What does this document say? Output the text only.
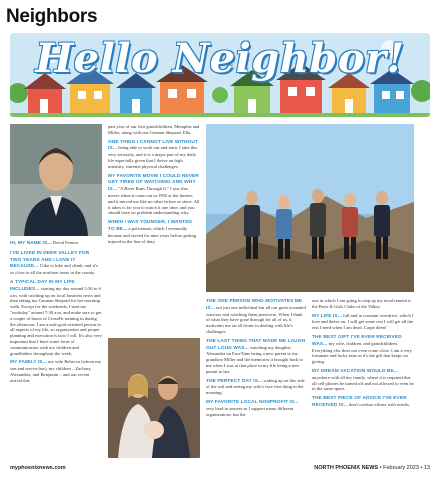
Neighbors
Hello Neighbor!

HI, MY NAME IS... David Fenton

I'VE LIVED IN DEER VALLEY FOR TWO YEARS AND I LOVE IT BECAUSE... I like to hike and climb, and it's so close to all the northern areas in the county.

A TYPICAL DAY IN MY LIFE INCLUDES... starting my day around 5:30 to 6 a.m. with catching up on local business news and then taking my German Shepard for her morning walk. Except for the weekends, I start my "workday" around 7:30 a.m. and make sure to get a couple of hours of CrossFit training in during the afternoon. I am a task-goal-oriented person in all aspects of my life, so organization and proper planning and execution is how I roll. It's also very important that I have some form of communication with my children and grandbabies throughout the week.

MY FAMILY IS... my wife Rebecca (whom my son and son-in-law), my children – Zachary, Alexandria, and Benjamin – and our recent arrival this

past year of our first grandchildren, Memphis and Miller, along with our German Shepard, Ella.

ONE THING I CANNOT LIVE WITHOUT IS... being able to work out and train. I take this very seriously, and it is a major part of my daily life especially given that I thrive on high intensity, extreme physical challenges.

MY FAVORITE MOVIE I COULD NEVER GET TIRED OF WATCHING AND WHY IS... "A River Runs Through It." I saw this movie when it came out in 1992 at the theater, and it moved me like no other before or since. All it takes is for you to watch it one time, and you should have no problem understanding why.

WHEN I WAS YOUNGER, I WANTED TO BE... a policeman, which I eventually became and served for nine years before getting injured in the line of duty.

THE ONE PERSON WHO MOTIVATES ME IS... not just one individual but all our great wounded warriors and watching them persevere. When I think of what they have gone through for all of us, it motivates me on all fronts in dealing with life's challenges.

THE LAST THING THAT MADE ME LAUGH OUT LOUD WAS... watching my daughter Alexandra on FaceTime being a new parent to my grandson Miller and the memories it brought back to me when I was at that place in my life being a new parent to her.

THE PERFECT DAY IS... waking up on this side of the soil and seeing my wife's face first thing in the morning.

MY FAVORITE LOCAL NONPROFIT IS... very hard to answer as I support many different organizations, but the

one in which I am going to step up my involvement is the Boys & Girls Clubs of the Valley.

MY LIFE IS... full and in constant overdrive, which I love and thrive on. I will get some rest I will get all the rest I need when I am dead. Carpe diem!

THE BEST GIFT I'VE EVER RECEIVED WAS... my wife, children, and grandchildren. Everything else does not even come close. I am a very fortunate and lucky man as it's the gift that keeps on giving.

MY DREAM VACATION WOULD BE... anywhere with all my family, where it is required that all cell phones be turned off and not allowed to even be in the same space.

THE BEST PIECE OF ADVICE I'VE EVER RECEIVED IS... don't confuse efforts with results.

myphoenixnews.com	NORTH PHOENIX NEWS • February 2023 • 13
